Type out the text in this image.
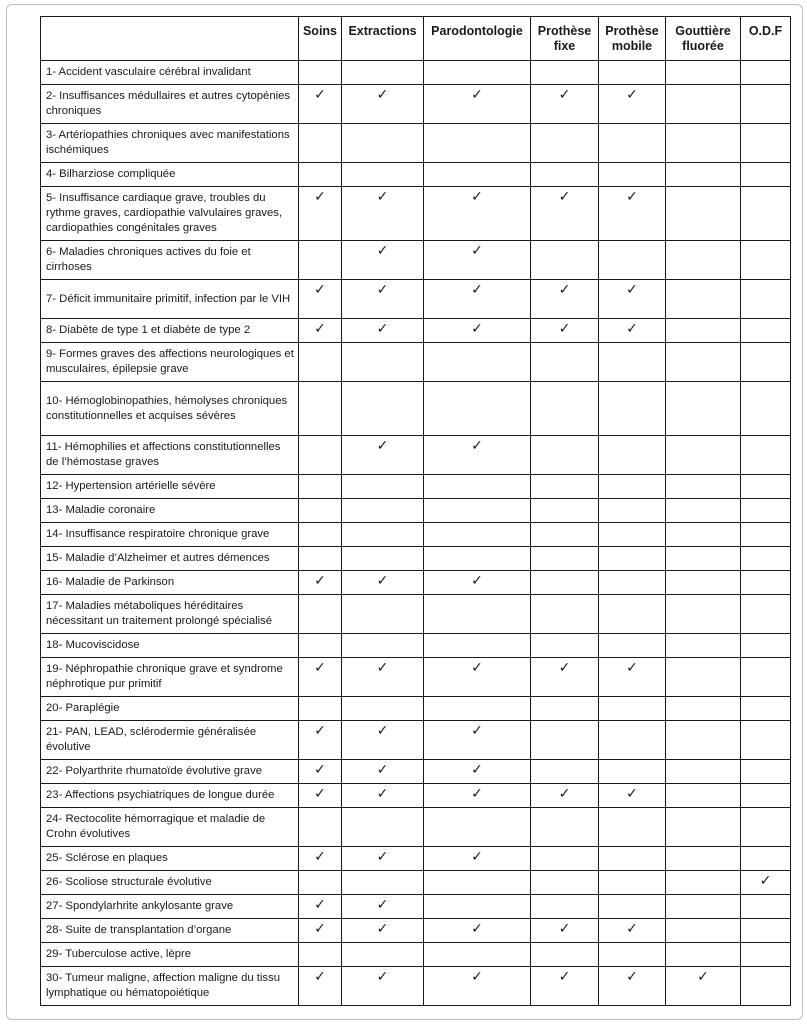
	Soins	Extractions	Parodontologie	Prothèse fixe	Prothèse mobile	Gouttière fluorée	O.D.F
1- Accident vasculaire cérébral invalidant							
2- Insuffisances médullaires et autres cytopénies chroniques	✓	✓	✓	✓	✓		
3- Artériopathies chroniques avec manifestations ischémiques							
4- Bilharziose compliquée							
5- Insuffisance cardiaque grave, troubles du rythme graves, cardiopathie valvulaires graves, cardiopathies congénitales graves	✓	✓	✓	✓	✓		
6- Maladies chroniques actives du foie et cirrhoses		✓	✓				
7- Déficit immunitaire primitif, infection par le VIH	✓	✓	✓	✓	✓		
8- Diabète de type 1 et diabète de type 2	✓	✓	✓	✓	✓		
9- Formes graves des affections neurologiques et musculaires, épilepsie grave							
10- Hémoglobinopathies, hémolyses chroniques constitutionnelles et acquises sévères							
11- Hémophilies et affections constitutionnelles de l’hémostase graves		✓	✓				
12- Hypertension artérielle sévère							
13- Maladie coronaire							
14- Insuffisance respiratoire chronique grave							
15- Maladie d’Alzheimer et autres démences							
16- Maladie de Parkinson	✓	✓	✓				
17- Maladies métaboliques héréditaires nécessitant un traitement prolongé spécialisé							
18- Mucoviscidose							
19- Néphropathie chronique grave et syndrome néphrotique pur primitif	✓	✓	✓	✓	✓		
20- Paraplégie							
21- PAN, LEAD, sclérodermie généralisée évolutive	✓	✓	✓				
22- Polyarthrite rhumatoïde évolutive grave	✓	✓	✓				
23- Affections psychiatriques de longue durée	✓	✓	✓	✓	✓		
24- Rectocolite hémorragique et maladie de Crohn évolutives							
25- Sclérose en plaques	✓	✓	✓				
26- Scoliose structurale évolutive							✓
27- Spondylarhrite ankylosante grave	✓	✓					
28- Suite de transplantation d’organe	✓	✓	✓	✓	✓		
29- Tuberculose active, lèpre							
30- Tumeur maligne, affection maligne du tissu lymphatique ou hématopoiétique	✓	✓	✓	✓	✓	✓	
